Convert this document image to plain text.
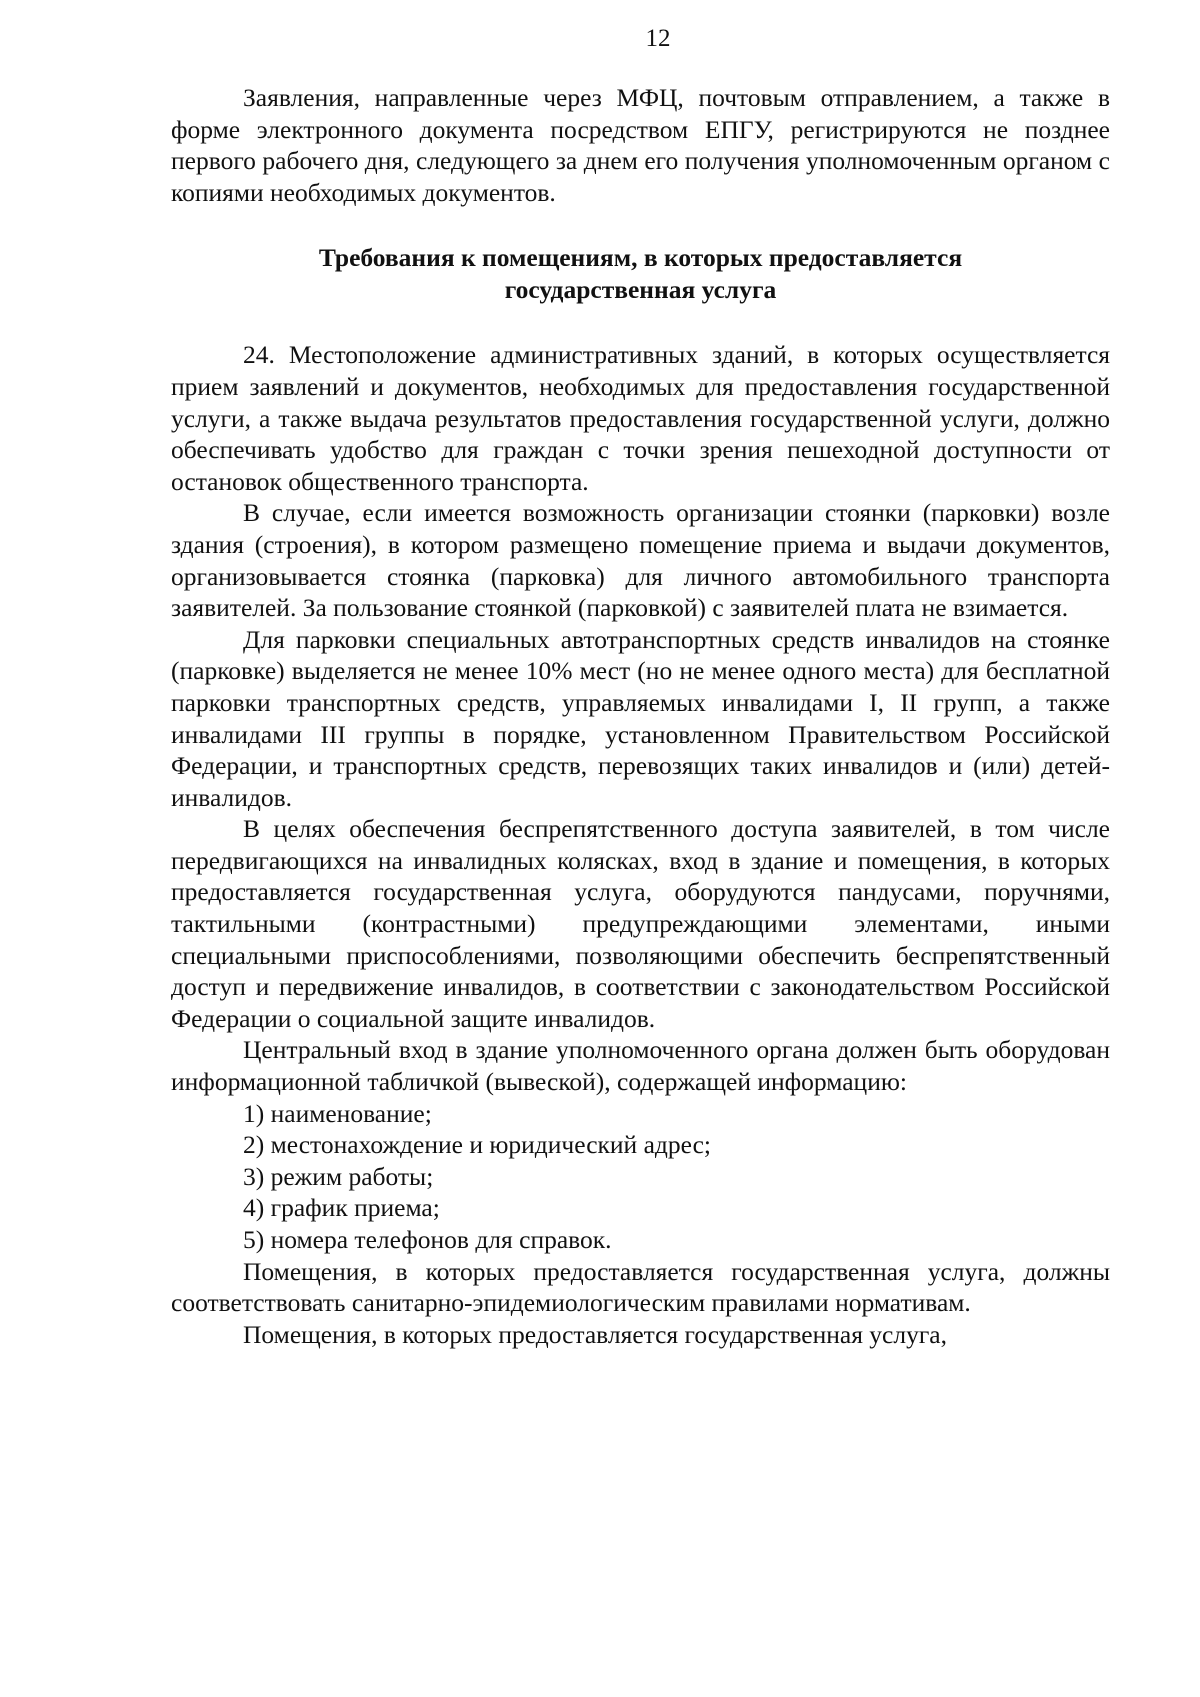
12

Заявления, направленные через МФЦ, почтовым отправлением, а также в форме электронного документа посредством ЕПГУ, регистрируются не позднее первого рабочего дня, следующего за днем его получения уполномоченным органом с копиями необходимых документов.

Требования к помещениям, в которых предоставляется
государственная услуга

24. Местоположение административных зданий, в которых осуществляется прием заявлений и документов, необходимых для предоставления государственной услуги, а также выдача результатов предоставления государственной услуги, должно обеспечивать удобство для граждан с точки зрения пешеходной доступности от остановок общественного транспорта.

В случае, если имеется возможность организации стоянки (парковки) возле здания (строения), в котором размещено помещение приема и выдачи документов, организовывается стоянка (парковка) для личного автомобильного транспорта заявителей. За пользование стоянкой (парковкой) с заявителей плата не взимается.

Для парковки специальных автотранспортных средств инвалидов на стоянке (парковке) выделяется не менее 10% мест (но не менее одного места) для бесплатной парковки транспортных средств, управляемых инвалидами I, II групп, а также инвалидами III группы в порядке, установленном Правительством Российской Федерации, и транспортных средств, перевозящих таких инвалидов и (или) детей-инвалидов.

В целях обеспечения беспрепятственного доступа заявителей, в том числе передвигающихся на инвалидных колясках, вход в здание и помещения, в которых предоставляется государственная услуга, оборудуются пандусами, поручнями, тактильными (контрастными) предупреждающими элементами, иными специальными приспособлениями, позволяющими обеспечить беспрепятственный доступ и передвижение инвалидов, в соответствии с законодательством Российской Федерации о социальной защите инвалидов.

Центральный вход в здание уполномоченного органа должен быть оборудован информационной табличкой (вывеской), содержащей информацию:

1) наименование;

2) местонахождение и юридический адрес;

3) режим работы;

4) график приема;

5) номера телефонов для справок.

Помещения, в которых предоставляется государственная услуга, должны соответствовать санитарно-эпидемиологическим правилами нормативам.

Помещения, в которых предоставляется государственная услуга,
